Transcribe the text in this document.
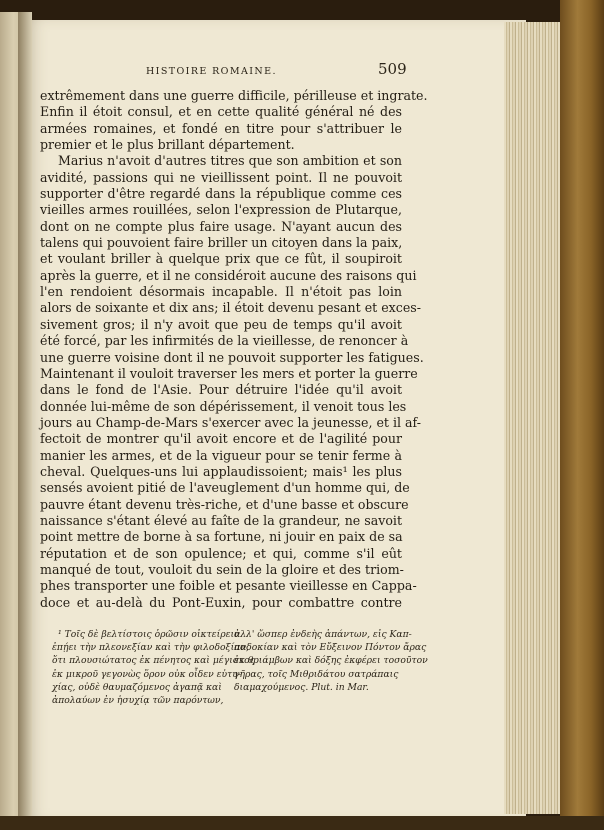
HISTOIRE ROMAINE.	509
extrêmement dans une guerre difficile, périlleuse et ingrate.
Enfin il étoit consul, et en cette qualité général né des
armées romaines, et fondé en titre pour s'attribuer le
premier et le plus brillant département.
Marius n'avoit d'autres titres que son ambition et son
avidité, passions qui ne vieillissent point. Il ne pouvoit
supporter d'être regardé dans la république comme ces
vieilles armes rouillées, selon l'expression de Plutarque,
dont on ne compte plus faire usage. N'ayant aucun des
talens qui pouvoient faire briller un citoyen dans la paix,
et voulant briller à quelque prix que ce fût, il soupiroit
après la guerre, et il ne considéroit aucune des raisons qui
l'en rendoient désormais incapable. Il n'étoit pas loin
alors de soixante et dix ans; il étoit devenu pesant et exces-
sivement gros; il n'y avoit que peu de temps qu'il avoit
été forcé, par les infirmités de la vieillesse, de renoncer à
une guerre voisine dont il ne pouvoit supporter les fatigues.
Maintenant il vouloit traverser les mers et porter la guerre
dans le fond de l'Asie. Pour détruire l'idée qu'il avoit
donnée lui-même de son dépérissement, il venoit tous les
jours au Champ-de-Mars s'exercer avec la jeunesse, et il af-
fectoit de montrer qu'il avoit encore et de l'agilité pour
manier les armes, et de la vigueur pour se tenir ferme à
cheval. Quelques-uns lui applaudissoient; mais¹ les plus
sensés avoient pitié de l'aveuglement d'un homme qui, de
pauvre étant devenu très-riche, et d'une basse et obscure
naissance s'étant élevé au faîte de la grandeur, ne savoit
point mettre de borne à sa fortune, ni jouir en paix de sa
réputation et de son opulence; et qui, comme s'il eût
manqué de tout, vouloit du sein de la gloire et des triom-
phes transporter une foible et pesante vieillesse en Cappa-
doce et au-delà du Pont-Euxin, pour combattre contre
¹ Τοῖς δὲ βελτίστοις ὁρῶσιν οἰκτείρειν
ἐπῄει τὴν πλεονεξίαν καὶ τὴν φιλοδοξίαν,
ὅτι πλουσιώτατος ἐκ πένητος καὶ μέγιστος
ἐκ μικροῦ γεγονὼς ὅρον οὐκ οἶδεν εὐτυ-
χίας, οὐδὲ θαυμαζόμενος ἀγαπᾷ καὶ
ἀπολαύων ἐν ἡσυχίᾳ τῶν παρόντων,
ἀλλ' ὥσπερ ἐνδεὴς ἁπάντων, εἰς Καπ-
παδοκίαν καὶ τὸν Εὔξεινον Πόντον ἄρας
ἐκ θριάμβων καὶ δόξης ἐκφέρει τοσοῦτον
γῆρας, τοῖς Μιθριδάτου σατράπαις
διαμαχούμενος. Plut. in Mar.
